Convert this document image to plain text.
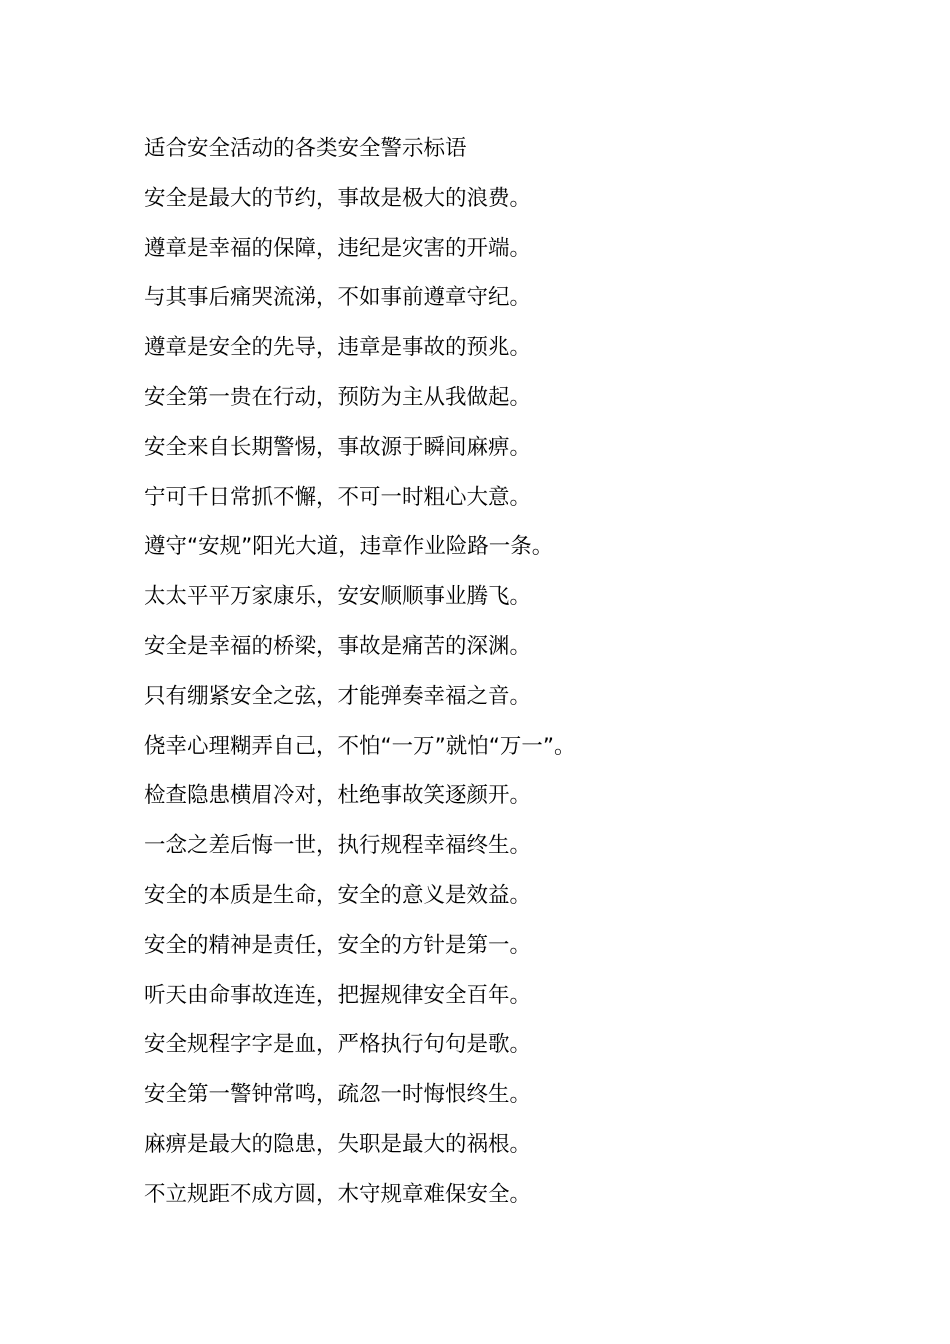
适合安全活动的各类安全警示标语
安全是最大的节约，事故是极大的浪费。
遵章是幸福的保障，违纪是灾害的开端。
与其事后痛哭流涕，不如事前遵章守纪。
遵章是安全的先导，违章是事故的预兆。
安全第一贵在行动，预防为主从我做起。
安全来自长期警惕，事故源于瞬间麻痹。
宁可千日常抓不懈，不可一时粗心大意。
遵守“安规”阳光大道，违章作业险路一条。
太太平平万家康乐，安安顺顺事业腾飞。
安全是幸福的桥梁，事故是痛苦的深渊。
只有绷紧安全之弦，才能弹奏幸福之音。
侥幸心理糊弄自己，不怕“一万”就怕“万一”。
检查隐患横眉冷对，杜绝事故笑逐颜开。
一念之差后悔一世，执行规程幸福终生。
安全的本质是生命，安全的意义是效益。
安全的精神是责任，安全的方针是第一。
听天由命事故连连，把握规律安全百年。
安全规程字字是血，严格执行句句是歌。
安全第一警钟常鸣，疏忽一时悔恨终生。
麻痹是最大的隐患，失职是最大的祸根。
不立规距不成方圆，木守规章难保安全。
